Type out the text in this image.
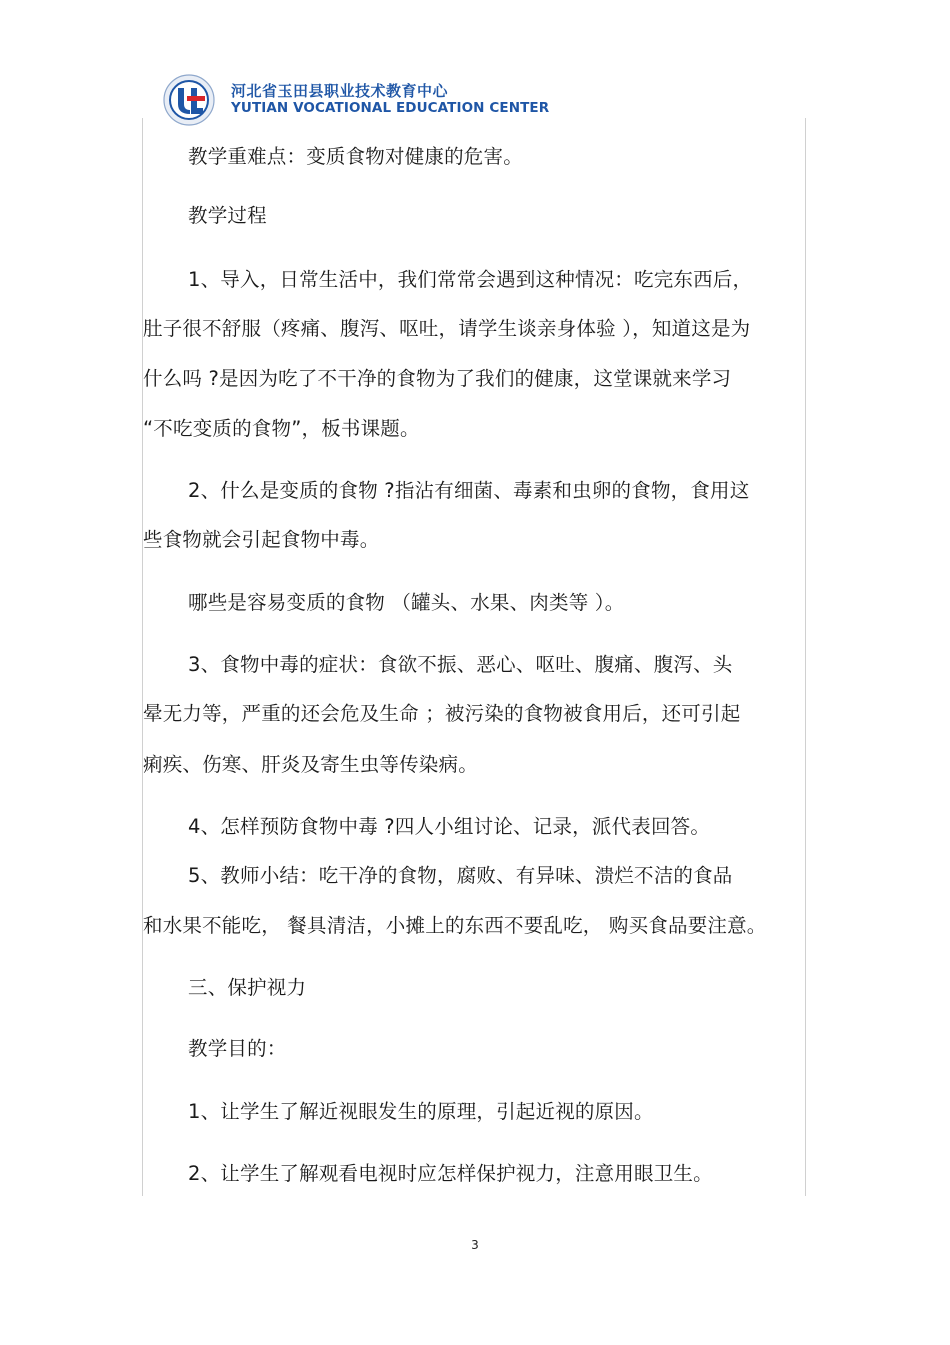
河北省玉田县职业技术教育中心
YUTIAN VOCATIONAL EDUCATION CENTER
教学重难点：变质食物对健康的危害。
教学过程
1、导入，日常生活中，我们常常会遇到这种情况：吃完东西后，
肚子很不舒服（疼痛、腹泻、呕吐，请学生谈亲身体验 ），知道这是为
什么吗 ?是因为吃了不干净的食物为了我们的健康，这堂课就来学习
“不吃变质的食物”，板书课题。
2、什么是变质的食物 ?指沾有细菌、毒素和虫卵的食物，食用这
些食物就会引起食物中毒。
哪些是容易变质的食物 （罐头、水果、肉类等 ）。
3、食物中毒的症状：食欲不振、恶心、呕吐、腹痛、腹泻、头
晕无力等，严重的还会危及生命 ；被污染的食物被食用后，还可引起
痢疾、伤寒、肝炎及寄生虫等传染病。
4、怎样预防食物中毒 ?四人小组讨论、记录，派代表回答。
5、教师小结：吃干净的食物，腐败、有异味、溃烂不洁的食品
和水果不能吃， 餐具清洁，小摊上的东西不要乱吃， 购买食品要注意。
三、保护视力
教学目的：
1、让学生了解近视眼发生的原理，引起近视的原因。
2、让学生了解观看电视时应怎样保护视力，注意用眼卫生。
3
